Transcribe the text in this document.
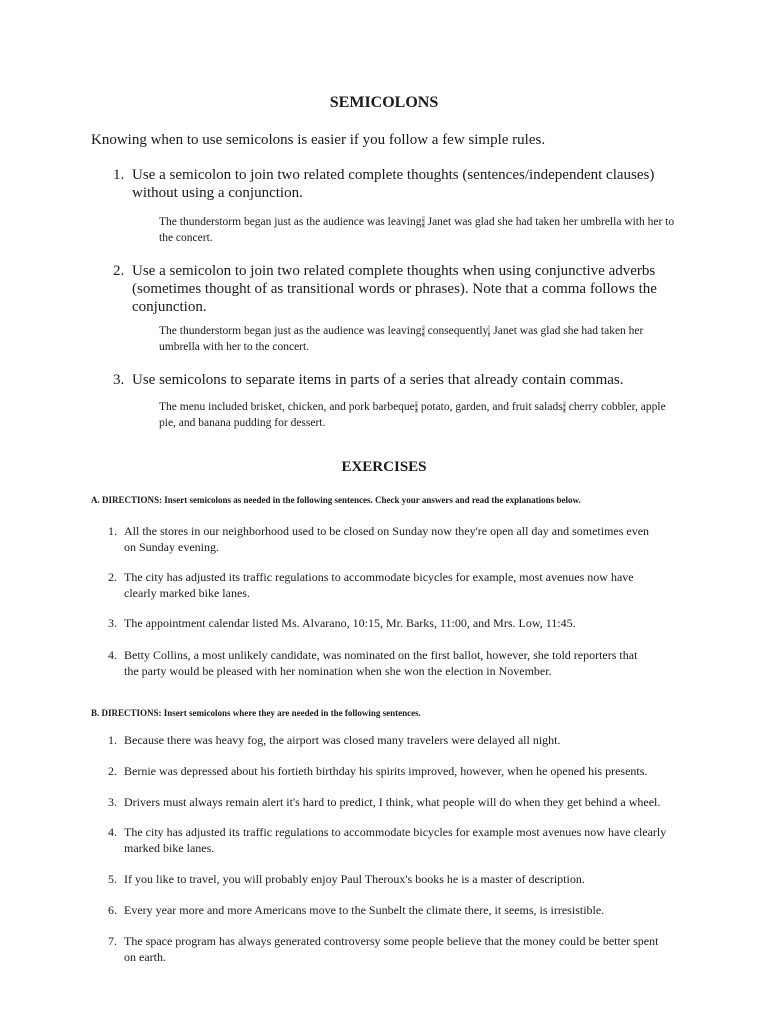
SEMICOLONS

Knowing when to use semicolons is easier if you follow a few simple rules.

1. Use a semicolon to join two related complete thoughts (sentences/independent clauses)
without using a conjunction.

The thunderstorm began just as the audience was leaving; Janet was glad she had taken her umbrella with her to the concert.

2. Use a semicolon to join two related complete thoughts when using conjunctive adverbs
(sometimes thought of as transitional words or phrases). Note that a comma follows the
conjunction.

The thunderstorm began just as the audience was leaving; consequently, Janet was glad she had taken her umbrella with her to the concert.

3. Use semicolons to separate items in parts of a series that already contain commas.

The menu included brisket, chicken, and pork barbeque; potato, garden, and fruit salads; cherry cobbler, apple pie, and banana pudding for dessert.

EXERCISES

A. DIRECTIONS: Insert semicolons as needed in the following sentences. Check your answers and read the explanations below.

1. All the stores in our neighborhood used to be closed on Sunday now they're open all day and sometimes even
on Sunday evening.
2. The city has adjusted its traffic regulations to accommodate bicycles for example, most avenues now have
clearly marked bike lanes.
3. The appointment calendar listed Ms. Alvarano, 10:15, Mr. Barks, 11:00, and Mrs. Low, 11:45.
4. Betty Collins, a most unlikely candidate, was nominated on the first ballot, however, she told reporters that
the party would be pleased with her nomination when she won the election in November.

B. DIRECTIONS: Insert semicolons where they are needed in the following sentences.

1. Because there was heavy fog, the airport was closed many travelers were delayed all night.
2. Bernie was depressed about his fortieth birthday his spirits improved, however, when he opened his presents.
3. Drivers must always remain alert it's hard to predict, I think, what people will do when they get behind a wheel.
4. The city has adjusted its traffic regulations to accommodate bicycles for example most avenues now have clearly
marked bike lanes.
5. If you like to travel, you will probably enjoy Paul Theroux's books he is a master of description.
6. Every year more and more Americans move to the Sunbelt the climate there, it seems, is irresistible.
7. The space program has always generated controversy some people believe that the money could be better spent
on earth.
